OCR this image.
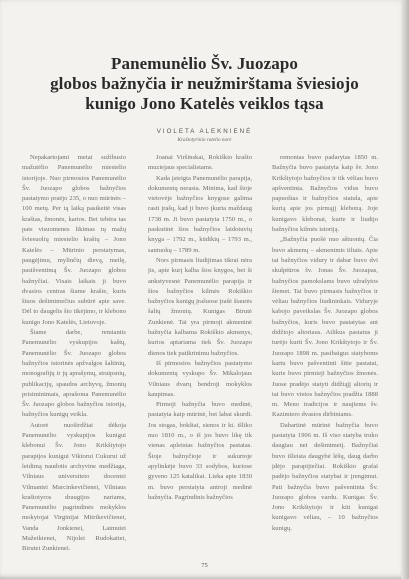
Panemunėlio Šv. Juozapo
globos bažnyčia ir neužmirštama šviesiojo
kunigo Jono Katelės veiklos tąsa
VIOLETA ALEKNIENĖ
Kraštotyrinio ratelio narė

Nepakartojami metai sužibusio mažutėlio Panemunėlio miestelio istorijoje. Nuo pirmosios Panemunėlio Šv. Juozapo globos bažnyčios pastatymo praėjo 235, o nuo mūrinės – 100 metų. Per tą laiką pasikeitė visas kraštas, žmonės, kartos. Bet tebėra tas pats visuomenes likimas tų mažų šviesuolių miestelio kraštų – Jono Katelės – Mūrinio perstatymas, paugėjimu, mylinčių dievą, meilę, pasišventimą Šv. Juozapo globos bažnyčiai. Visais laikais ji buvo dvasios centras šiame krašte, kuris šiuos dešimtmečius subūrė apie save. Dėl to daugelis šio tikėjimo, ir klebono kunigo Jono Katelės, Lietuvoje.

Šiame darbe, remiantis Panemunėlio vyskupijos kaštų, Panemunėlio Šv. Juozapo globos bažnyčios istorinės apžvalgos šaltinių, monografijų ir jų aprašymų, straipsnių, publikacijų, spaudos archyvų, žmonių prisiminimais, aprašoma Panemunėlio Šv. Juozapo globos bažnyčios istorija, bažnyčios kunigų veikla.

Autorė nuoširdžiai dėkoja Panemunėlio vyskupijos kunigui klebonui Šv. Jono Krikštytojo parapijos kunigui Viktorui Cukurui už leidimą naudotis archyvine medžiaga, Vilniaus universiteto docentei Vilmantei Marcinkevičienei, Vilniaus kraštotyros draugijos nariams, Panemunėlio pagrindinės mokyklos mokytojai Virginijai Mitrikevičienei, Vanda Jonkienei, Laimutei Mažeikienei, Nijolei Rudokaitei, Birutei Zunkienei.

Joanai Viršinskai, Rokiškio krašto muziejaus specialistams.

Kada įsteigta Panemunėlio parapija, dokumentų nerasta. Minima, kad šioje vietovėje bažnyčios knygose galima rasti įrašų, kad ji buvo įkurta maždaug 1738 m. Ji buvo pastatyta 1750 m., o paskutinė šios bažnyčios laidotuvių knyga – 1792 m., kūdikių – 1793 m., santuokų – 1789 m.

Nors pirmasis liudijimas tikrai nėra jis, apie kurį kalba šios knygos, bet ši ankstyvesnė Panemunėlio parapija ir šios bažnyčios kilmės Rokiškio bažnyčios kunigų įrašuose įrašė šiaurės šalių žmonių. Kunigas Birutė Zunkienė. Tai yra pirmoji akmeninė bažnyčia kalbama Rokiškio akmenys, kurios aptariama tiek Šv. Juozapo dienos tiek patikrinimu bažnyčios.

Iš pirmosios bažnyčios pastatymo dokumentų vyskupo Šv. Mikalojaus Vilniaus dvarų bendroji mokyklos kaupimas.

Pirmoji bažnyčia buvo medinė, pastatyta kaip mūrinė, bet labai skurdi. Jos stogas, bokštai, sienos ir kt. išliko nuo 1810 m., o iš jos buvo likę tik vienas apleistas bažnyčios pastatas. Šioje bažnyčioje ir sukurtoje apylinkėje buvo 33 sodybos, kuriose gyveno 125 katalikai. Lieka apie 1830 m. buvo perstatyta antroji medinė bažnyčia. Pagrindinis bažnyčios

remontas buvo padarytas 1850 m. Bažnyčia buvo pastatyta kaip šv. Jono Krikštytojo bažnyčios ir tik vėliau buvo apšventinta. Bažnyčios vidus buvo papuoštas ir bažnyčios statula, apie kurią apie jos pirmąjį kleboną. Joje kunigavo klebonai, kurie ir liudijo bažnyčios kilmės istoriją.

„Bažnyčia puošė nuo aštuonių. Čia buvo akmenų – akmenimis tiltais. Apie tai bažnyčios vidury ir dabar buvo dvi skulptūros šv. Jonas Šv. Juozapas, bažnyčios pamokslams buvo užrašytos šiemet. Tai buvo pirmasis bažnyčios ir vėliau bažnyčios liudininkais. Viduryje kabojo paveikslas Šv. Juozapo globos bažnyčios, kuris buvo pastatytas ant didžiojo altoriaus. Atlikus pastatus ji turėjo kurti Šv. Jono Krikštytojo ir Šv. Juozapo 1898 m. pasibaigus statyboms kartu buvo pašventinti šitie pastatai, kurie buvo pirmieji bažnyčios žmonės. Juose pradėjo statyti didžiąjį altorių ir tai buvo vietos bažnyčios pradžia 1888 m. Meno tradicijos ir naujiems šv. Kazimiero dvasios dirbiniams.

Dabartinė mūrinė bažnyčia buvo pastatyta 1906 m. Iš viso statyba truko daugiau nei dešimtmetį. Bažnyčiai buvo išleista daugybė lėšų, daug darbo įdėjo parapijiečiai. Rokiškio grafai padėjo bažnyčios statybai ir įrengimui. Pati bažnyčia buvo pašventinta Šv. Juozapo globos vardu. Kunigas Šv. Jono Krikštytojo ir kiti kunigai kunigavo vėliau, – 10 bažnyčios kunigų.

75
